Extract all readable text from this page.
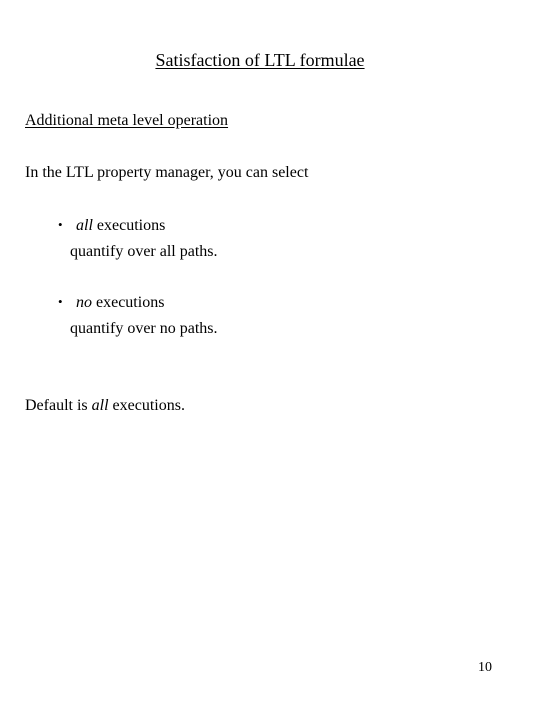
Satisfaction of LTL formulae
Additional meta level operation
In the LTL property manager, you can select
• all executions
quantify over all paths.
• no executions
quantify over no paths.
Default is all executions.
10
